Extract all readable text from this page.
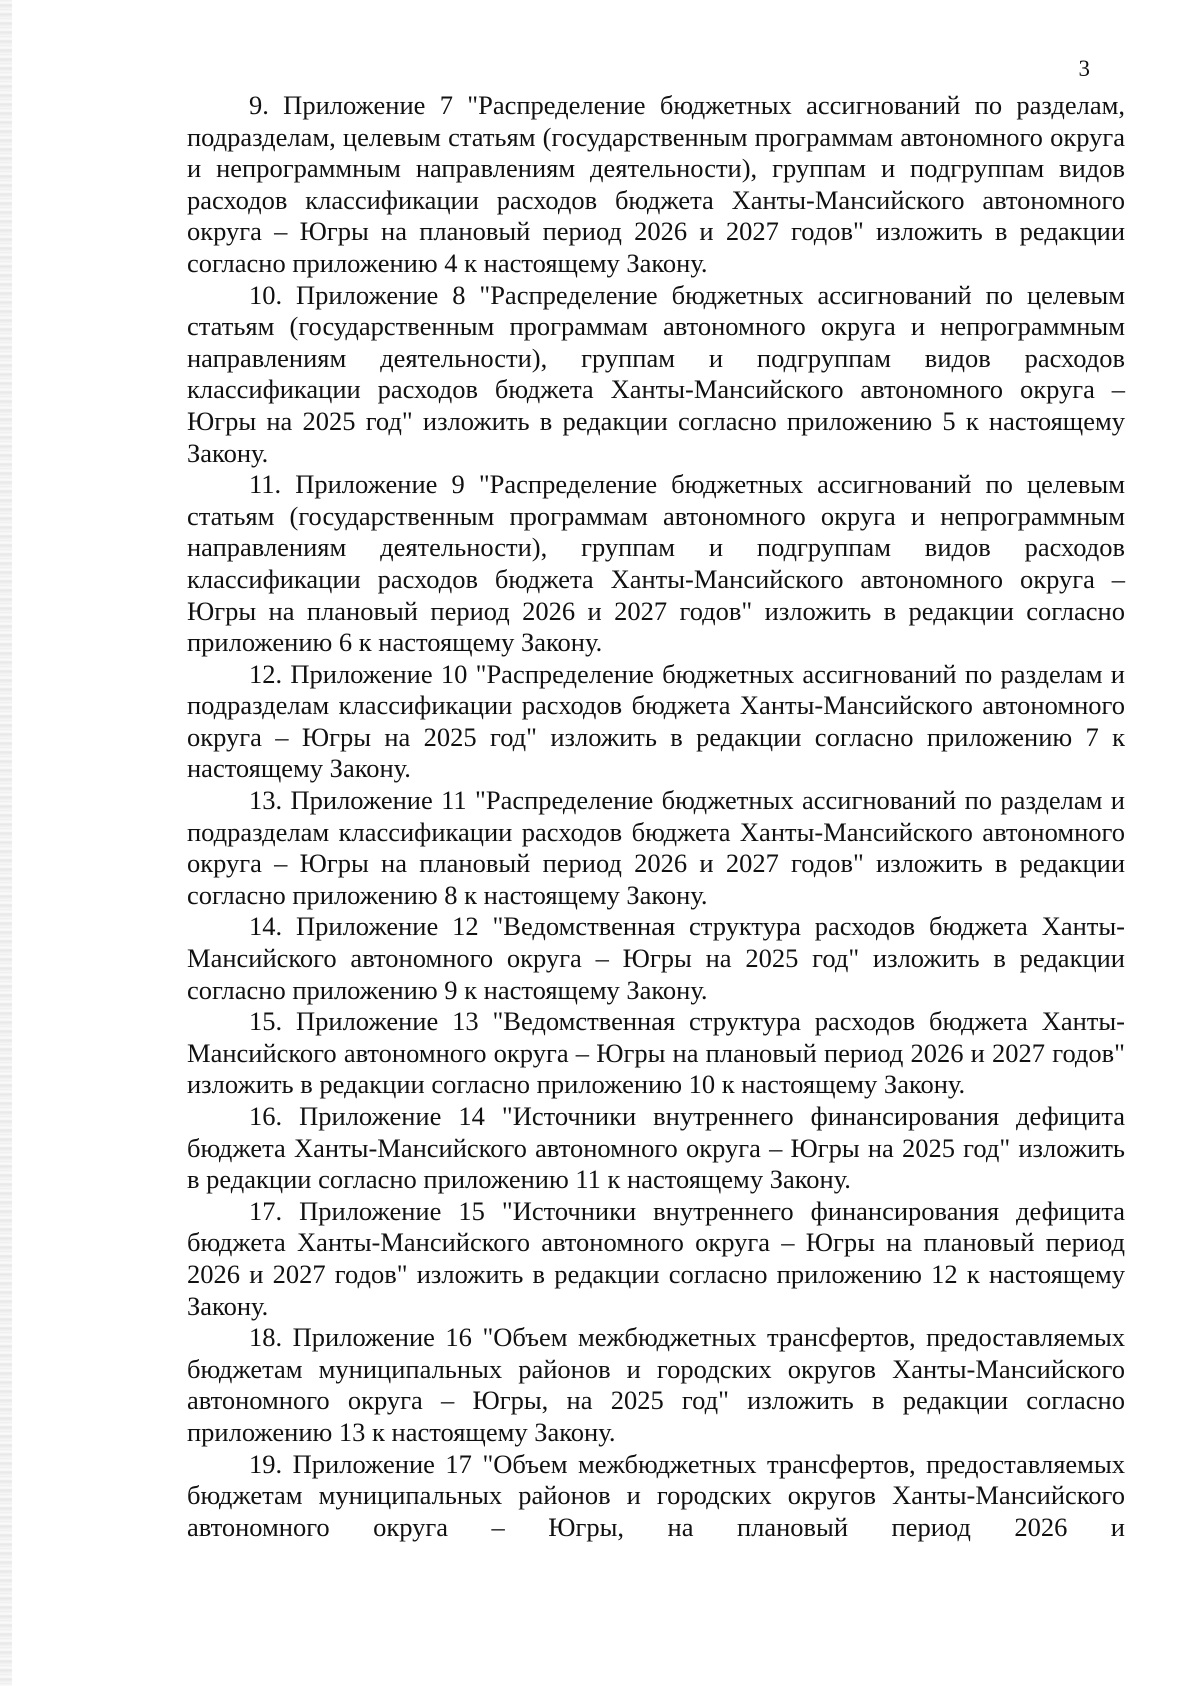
3

9. Приложение 7 "Распределение бюджетных ассигнований по разделам, подразделам, целевым статьям (государственным программам автономного округа и непрограммным направлениям деятельности), группам и подгруппам видов расходов классификации расходов бюджета Ханты-Мансийского автономного округа – Югры на плановый период 2026 и 2027 годов" изложить в редакции согласно приложению 4 к настоящему Закону.

10. Приложение 8 "Распределение бюджетных ассигнований по целевым статьям (государственным программам автономного округа и непрограммным направлениям деятельности), группам и подгруппам видов расходов классификации расходов бюджета Ханты-Мансийского автономного округа – Югры на 2025 год" изложить в редакции согласно приложению 5 к настоящему Закону.

11. Приложение 9 "Распределение бюджетных ассигнований по целевым статьям (государственным программам автономного округа и непрограммным направлениям деятельности), группам и подгруппам видов расходов классификации расходов бюджета Ханты-Мансийского автономного округа – Югры на плановый период 2026 и 2027 годов" изложить в редакции согласно приложению 6 к настоящему Закону.

12. Приложение 10 "Распределение бюджетных ассигнований по разделам и подразделам классификации расходов бюджета Ханты-Мансийского автономного округа – Югры на 2025 год" изложить в редакции согласно приложению 7 к настоящему Закону.

13. Приложение 11 "Распределение бюджетных ассигнований по разделам и подразделам классификации расходов бюджета Ханты-Мансийского автономного округа – Югры на плановый период 2026 и 2027 годов" изложить в редакции согласно приложению 8 к настоящему Закону.

14. Приложение 12 "Ведомственная структура расходов бюджета Ханты-Мансийского автономного округа – Югры на 2025 год" изложить в редакции согласно приложению 9 к настоящему Закону.

15. Приложение 13 "Ведомственная структура расходов бюджета Ханты-Мансийского автономного округа – Югры на плановый период 2026 и 2027 годов" изложить в редакции согласно приложению 10 к настоящему Закону.

16. Приложение 14 "Источники внутреннего финансирования дефицита бюджета Ханты-Мансийского автономного округа – Югры на 2025 год" изложить в редакции согласно приложению 11 к настоящему Закону.

17. Приложение 15 "Источники внутреннего финансирования дефицита бюджета Ханты-Мансийского автономного округа – Югры на плановый период 2026 и 2027 годов" изложить в редакции согласно приложению 12 к настоящему Закону.

18. Приложение 16 "Объем межбюджетных трансфертов, предоставляемых бюджетам муниципальных районов и городских округов Ханты-Мансийского автономного округа – Югры, на 2025 год" изложить в редакции согласно приложению 13 к настоящему Закону.

19. Приложение 17 "Объем межбюджетных трансфертов, предоставляемых бюджетам муниципальных районов и городских округов Ханты-Мансийского автономного округа – Югры, на плановый период 2026 и
